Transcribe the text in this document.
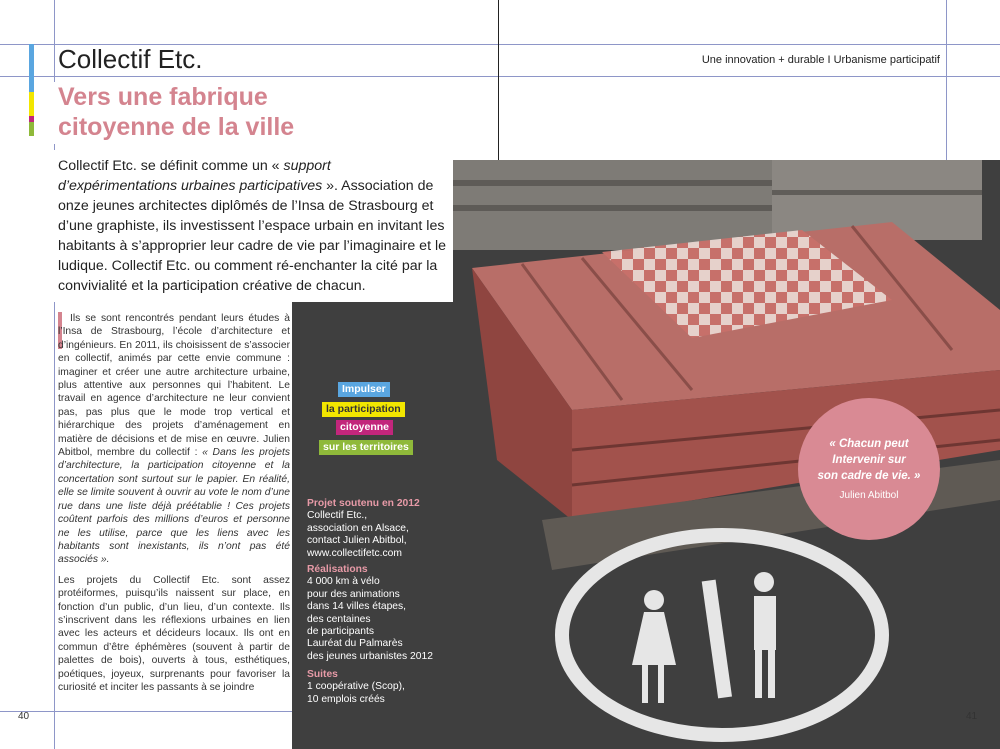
Collectif Etc.	Une innovation + durable I Urbanisme participatif
Vers une fabrique
citoyenne de la ville
Collectif Etc. se définit comme un « support d’expérimentations urbaines participatives ». Association de onze jeunes architectes diplômés de l’Insa de Strasbourg et d’une graphiste, ils investissent l’espace urbain en invitant les habitants à s’approprier leur cadre de vie par l’imaginaire et le ludique. Collectif Etc. ou comment ré-enchanter la cité par la convivialité et la participation créative de chacun.

Ils se sont rencontrés pendant leurs études à l’Insa de Strasbourg, l’école d’architecture et d’ingénieurs. En 2011, ils choisissent de s’associer en collectif, animés par cette envie commune : imaginer et créer une autre architecture urbaine, plus attentive aux personnes qui l’habitent. Le travail en agence d’architecture ne leur convient pas, pas plus que le mode trop vertical et hiérarchique des projets d’aménagement en matière de décisions et de mise en œuvre. Julien Abitbol, membre du collectif : « Dans les projets d’architecture, la participation citoyenne et la concertation sont surtout sur le papier. En réalité, elle se limite souvent à ouvrir au vote le nom d’une rue dans une liste déjà préétablie ! Ces projets coûtent parfois des millions d’euros et personne ne les utilise, parce que les liens avec les habitants sont inexistants, ils n’ont pas été associés ».

Les projets du Collectif Etc. sont assez protéiformes, puisqu’ils naissent sur place, en fonction d’un public, d’un lieu, d’un contexte. Ils s’inscrivent dans les réflexions urbaines en lien avec les acteurs et décideurs locaux. Ils ont en commun d’être éphémères (souvent à partir de palettes de bois), ouverts à tous, esthétiques, poétiques, joyeux, surprenants pour favoriser la curiosité et inciter les passants à se joindre

Impulser
la participation
citoyenne
sur les territoires
Projet soutenu en 2012
Collectif Etc.,
association en Alsace,
contact Julien Abitbol,
www.collectifetc.com
Réalisations
4 000 km à vélo
pour des animations
dans 14 villes étapes,
des centaines
de participants
Lauréat du Palmarès
des jeunes urbanistes 2012
Suites
1 coopérative (Scop),
10 emplois créés
« Chacun peut
Intervenir sur
son cadre de vie. »
Julien Abitbol
40	41
